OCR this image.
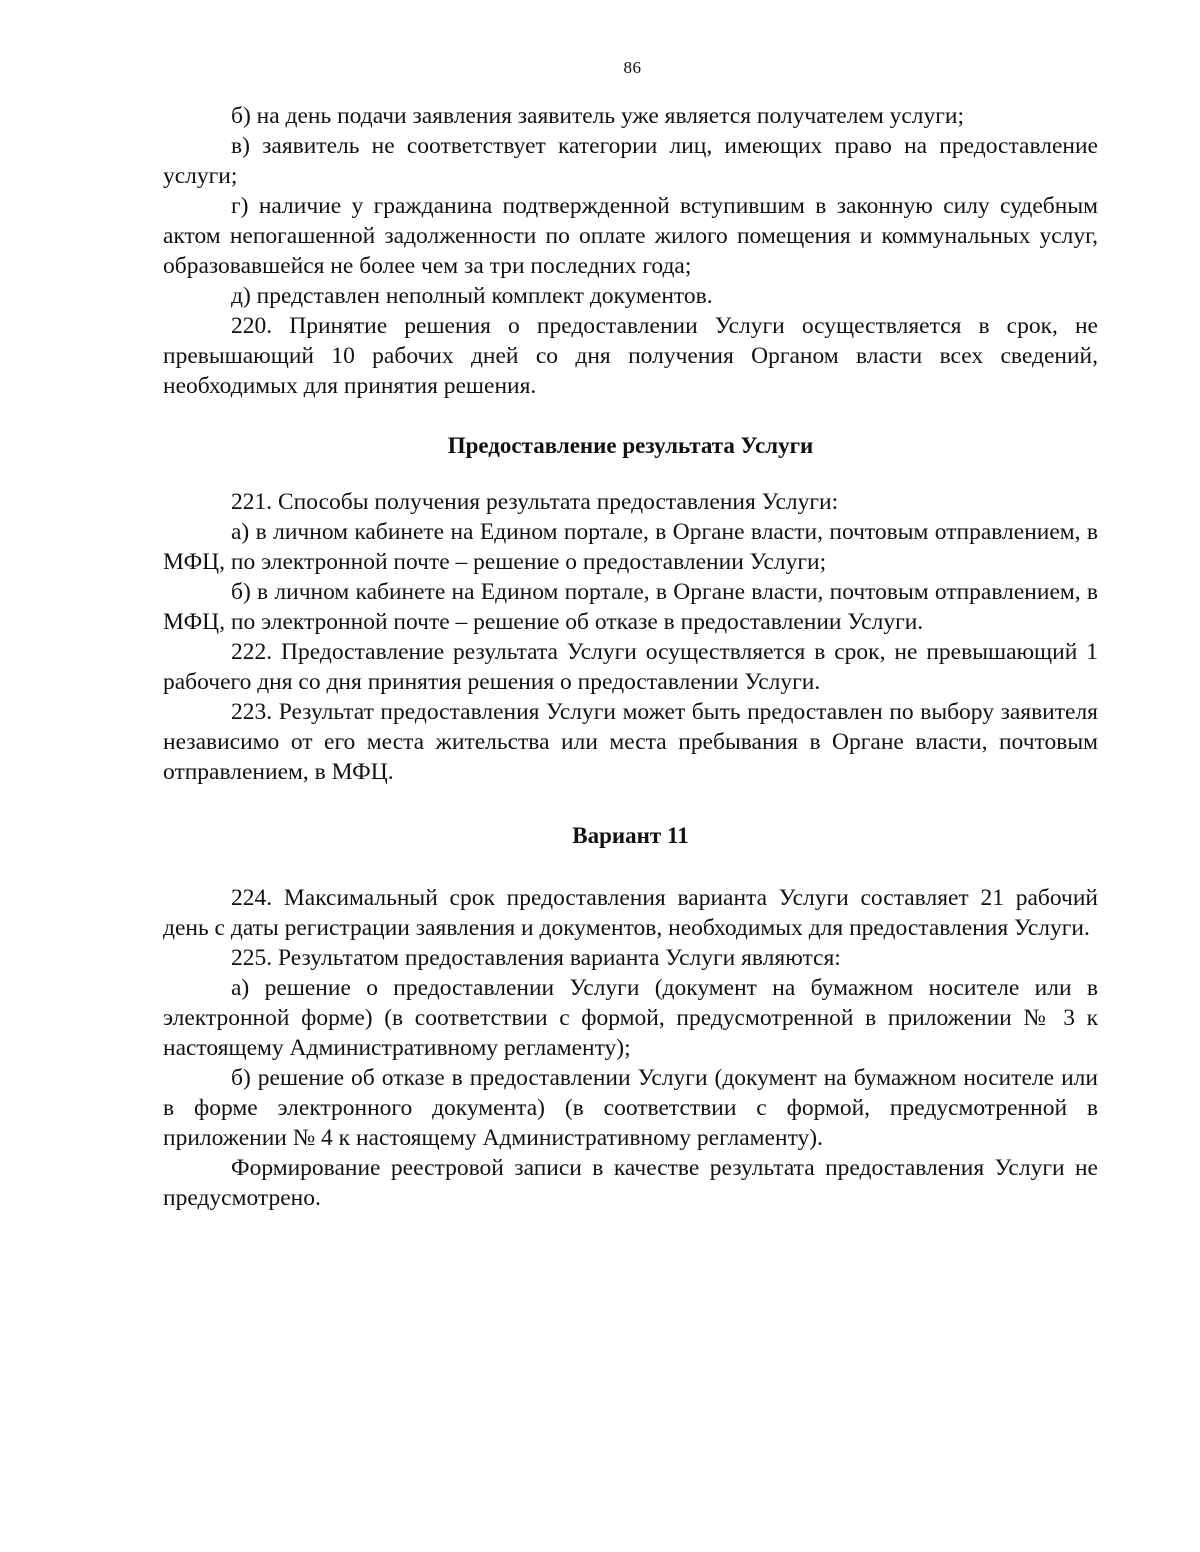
86

б) на день подачи заявления заявитель уже является получателем услуги;

в) заявитель не соответствует категории лиц, имеющих право на предоставление услуги;

г) наличие у гражданина подтвержденной вступившим в законную силу судебным актом непогашенной задолженности по оплате жилого помещения и коммунальных услуг, образовавшейся не более чем за три последних года;

д) представлен неполный комплект документов.

220. Принятие решения о предоставлении Услуги осуществляется в срок, не превышающий 10 рабочих дней со дня получения Органом власти всех сведений, необходимых для принятия решения.

Предоставление результата Услуги

221. Способы получения результата предоставления Услуги:

а) в личном кабинете на Едином портале, в Органе власти, почтовым отправлением, в МФЦ, по электронной почте – решение о предоставлении Услуги;

б) в личном кабинете на Едином портале, в Органе власти, почтовым отправлением, в МФЦ, по электронной почте – решение об отказе в предоставлении Услуги.

222. Предоставление результата Услуги осуществляется в срок, не превышающий 1 рабочего дня со дня принятия решения о предоставлении Услуги.

223. Результат предоставления Услуги может быть предоставлен по выбору заявителя независимо от его места жительства или места пребывания в Органе власти, почтовым отправлением, в МФЦ.

Вариант 11

224. Максимальный срок предоставления варианта Услуги составляет 21 рабочий день с даты регистрации заявления и документов, необходимых для предоставления Услуги.

225. Результатом предоставления варианта Услуги являются:

а) решение о предоставлении Услуги (документ на бумажном носителе или в электронной форме) (в соответствии с формой, предусмотренной в приложении № 3 к настоящему Административному регламенту);

б) решение об отказе в предоставлении Услуги (документ на бумажном носителе или в форме электронного документа) (в соответствии с формой, предусмотренной в приложении № 4 к настоящему Административному регламенту).

Формирование реестровой записи в качестве результата предоставления Услуги не предусмотрено.
